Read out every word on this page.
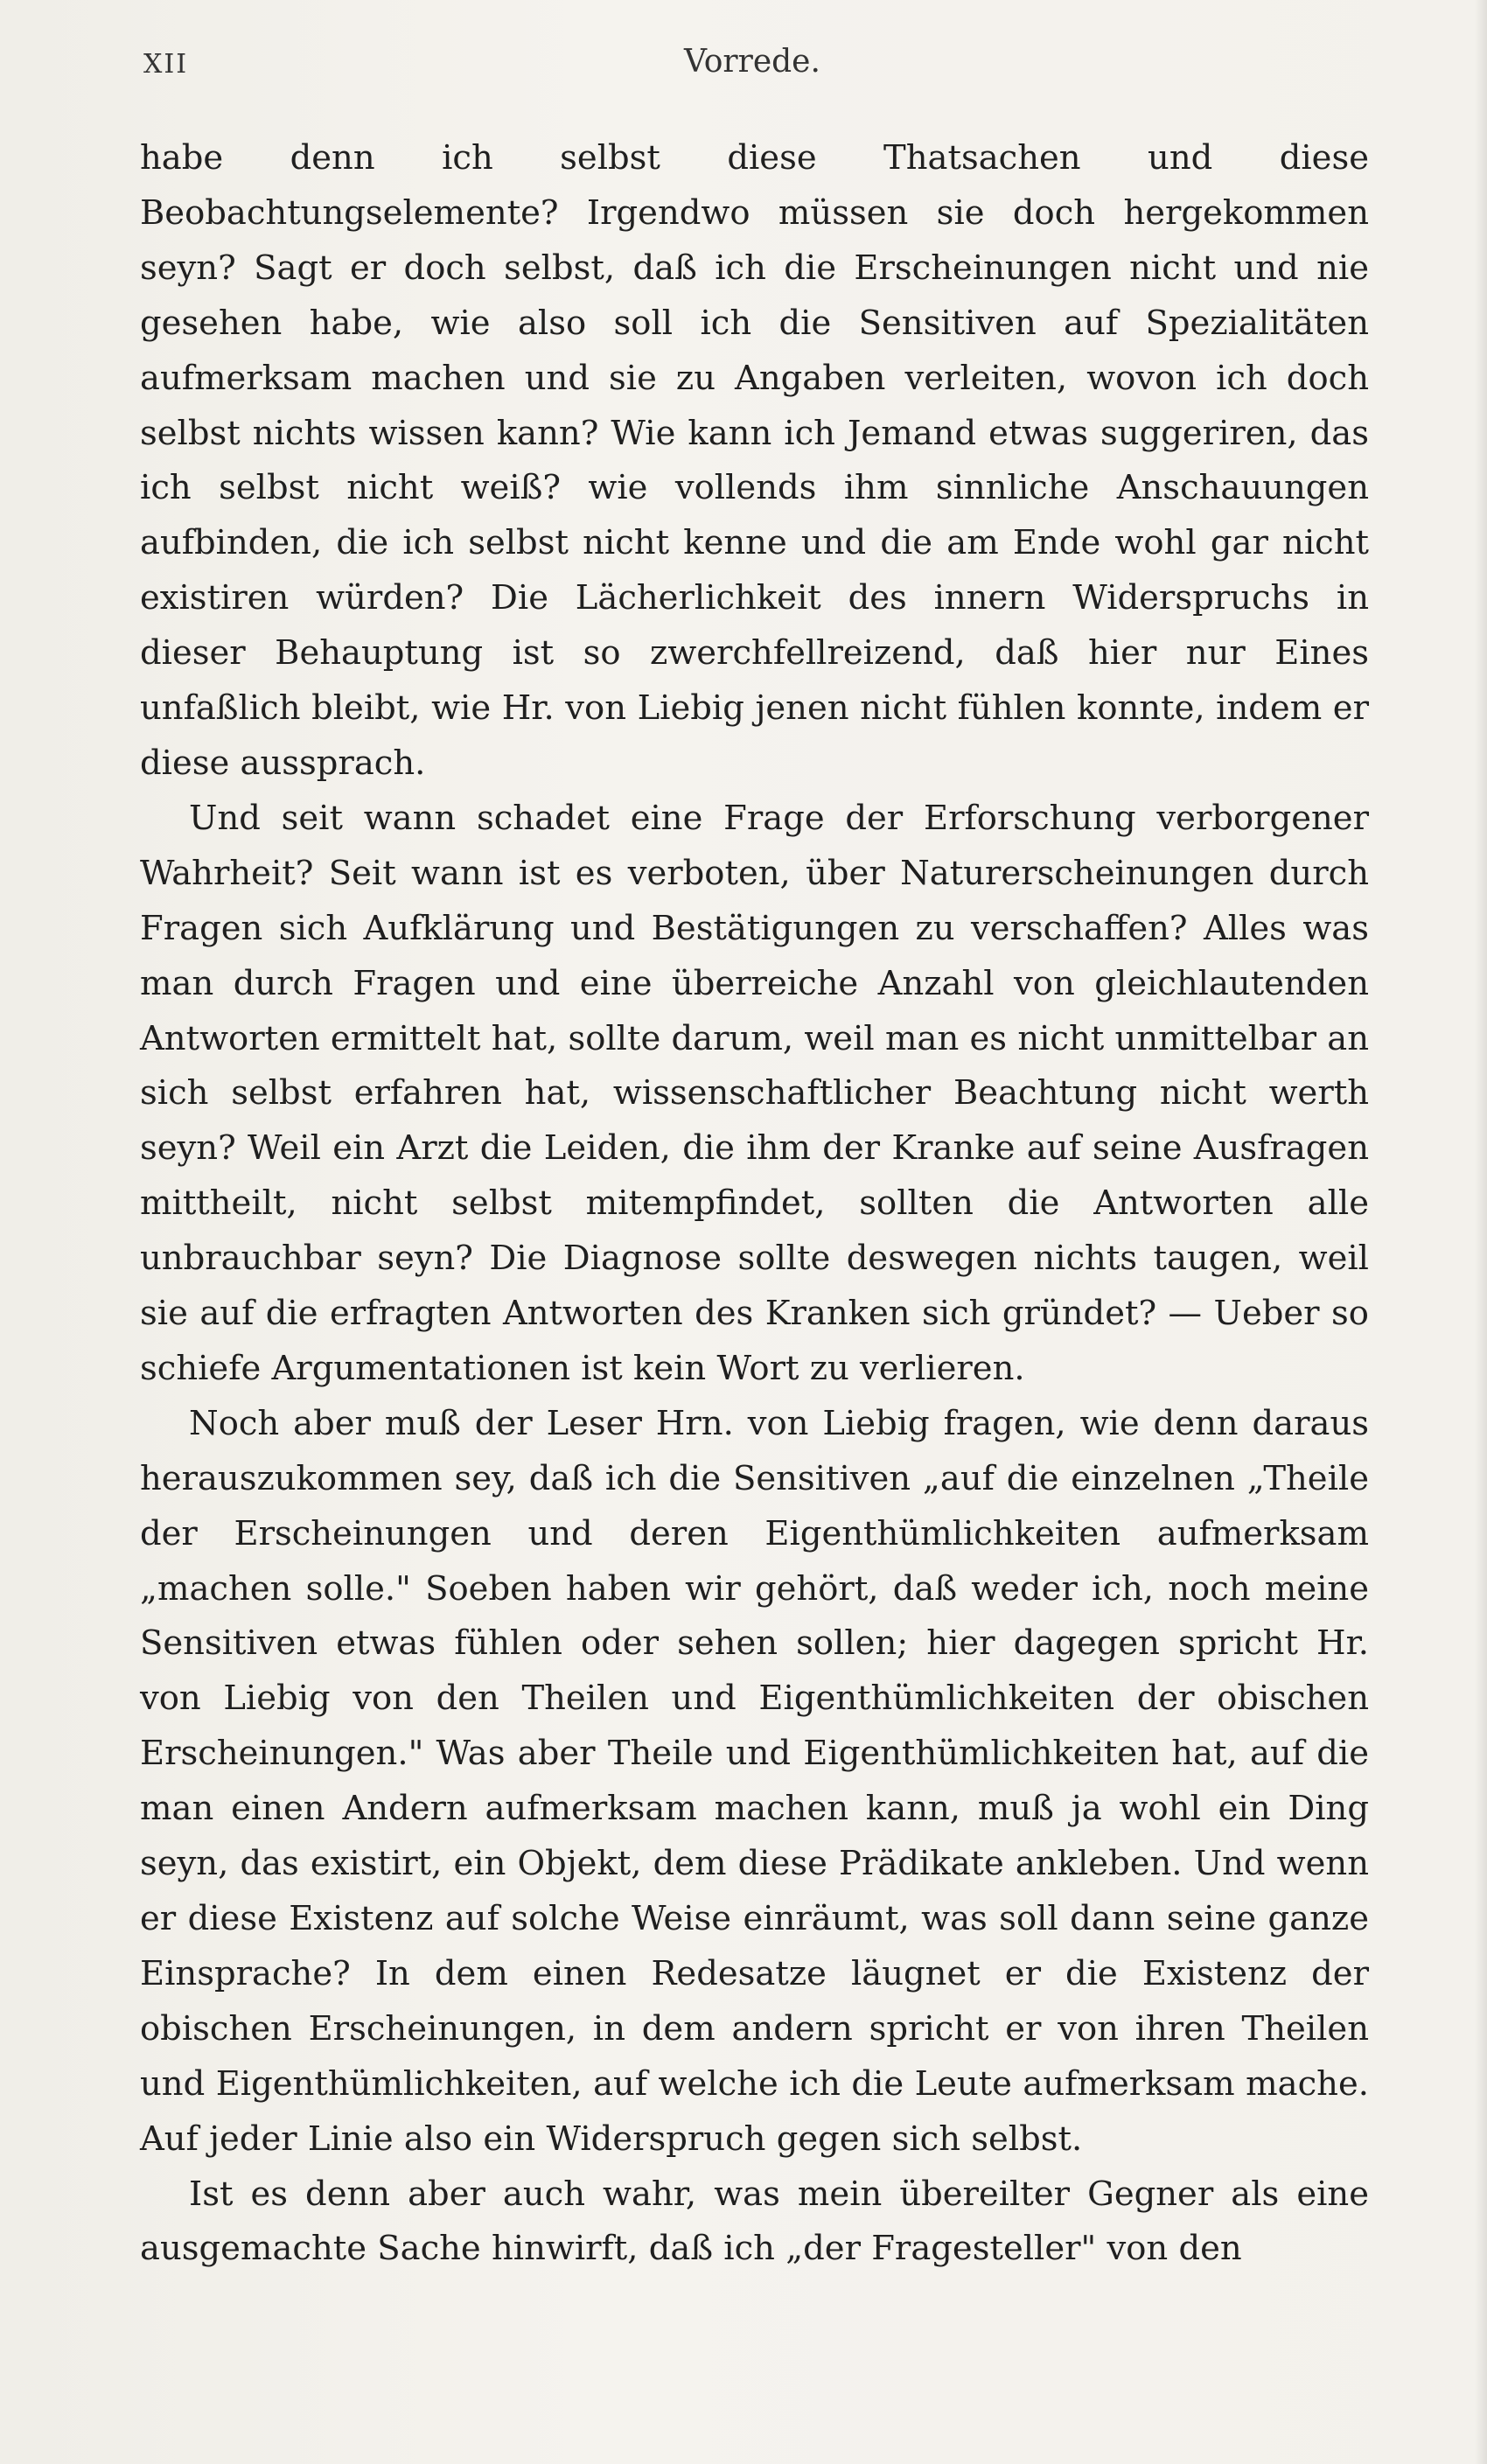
XII	Vorrede.

habe denn ich selbst diese Thatsachen und diese Beobachtungselemente? Irgendwo müssen sie doch hergekommen seyn? Sagt er doch selbst, daß ich die Erscheinungen nicht und nie gesehen habe, wie also soll ich die Sensitiven auf Spezialitäten aufmerksam machen und sie zu Angaben verleiten, wovon ich doch selbst nichts wissen kann? Wie kann ich Jemand etwas suggeriren, das ich selbst nicht weiß? wie vollends ihm sinnliche Anschauungen aufbinden, die ich selbst nicht kenne und die am Ende wohl gar nicht existiren würden? Die Lächerlichkeit des innern Widerspruchs in dieser Behauptung ist so zwerchfellreizend, daß hier nur Eines unfaßlich bleibt, wie Hr. von Liebig jenen nicht fühlen konnte, indem er diese aussprach.

Und seit wann schadet eine Frage der Erforschung verborgener Wahrheit? Seit wann ist es verboten, über Naturerscheinungen durch Fragen sich Aufklärung und Bestätigungen zu verschaffen? Alles was man durch Fragen und eine überreiche Anzahl von gleichlautenden Antworten ermittelt hat, sollte darum, weil man es nicht unmittelbar an sich selbst erfahren hat, wissenschaftlicher Beachtung nicht werth seyn? Weil ein Arzt die Leiden, die ihm der Kranke auf seine Ausfragen mittheilt, nicht selbst mitempfindet, sollten die Antworten alle unbrauchbar seyn? Die Diagnose sollte deswegen nichts taugen, weil sie auf die erfragten Antworten des Kranken sich gründet? — Ueber so schiefe Argumentationen ist kein Wort zu verlieren.

Noch aber muß der Leser Hrn. von Liebig fragen, wie denn daraus herauszukommen sey, daß ich die Sensitiven „auf die einzelnen „Theile der Erscheinungen und deren Eigenthümlichkeiten aufmerksam „machen solle." Soeben haben wir gehört, daß weder ich, noch meine Sensitiven etwas fühlen oder sehen sollen; hier dagegen spricht Hr. von Liebig von den Theilen und Eigenthümlichkeiten der obischen Erscheinungen." Was aber Theile und Eigenthümlichkeiten hat, auf die man einen Andern aufmerksam machen kann, muß ja wohl ein Ding seyn, das existirt, ein Objekt, dem diese Prädikate ankleben. Und wenn er diese Existenz auf solche Weise einräumt, was soll dann seine ganze Einsprache? In dem einen Redesatze läugnet er die Existenz der obischen Erscheinungen, in dem andern spricht er von ihren Theilen und Eigenthümlichkeiten, auf welche ich die Leute aufmerksam mache. Auf jeder Linie also ein Widerspruch gegen sich selbst.

Ist es denn aber auch wahr, was mein übereilter Gegner als eine ausgemachte Sache hinwirft, daß ich „der Fragesteller" von den
